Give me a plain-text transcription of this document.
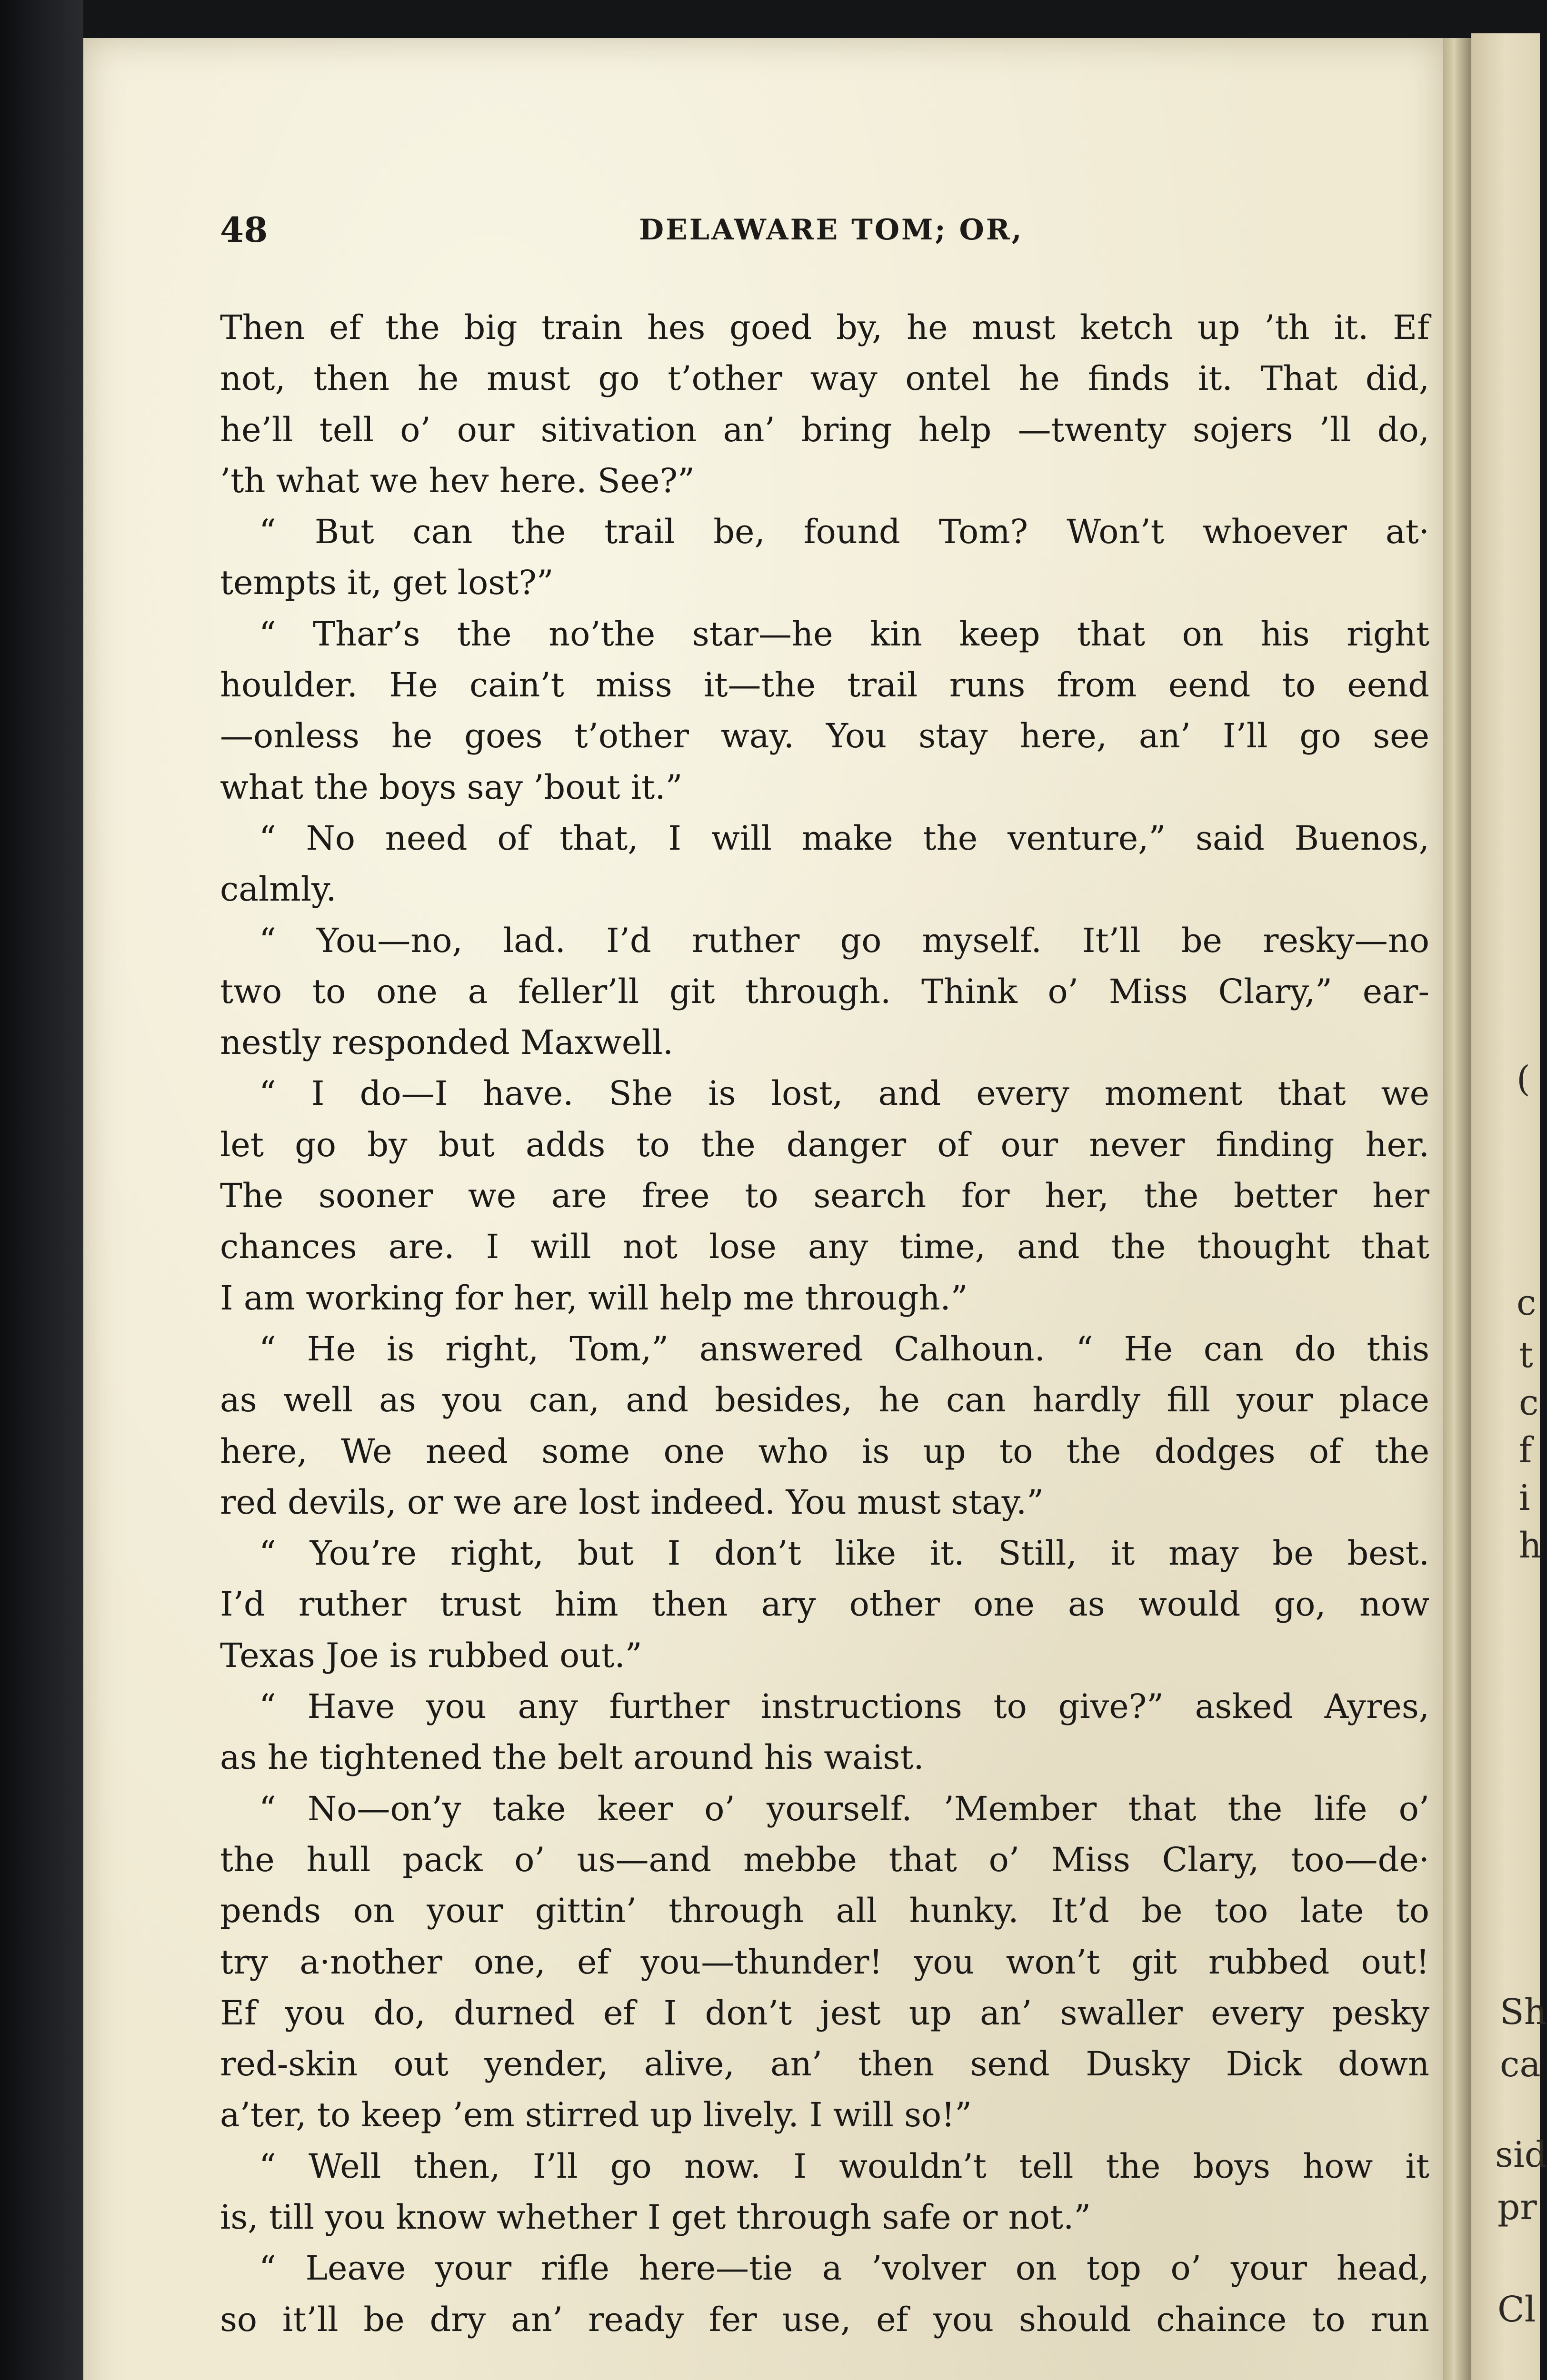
(
c
t
c
f
i
h
Sh
ca
sid
pr
Cl
48	DELAWARE TOM; OR,
Then ef the big train hes goed by, he must ketch up ’th it. Ef
not, then he must go t’other way ontel he finds it. That did,
he’ll tell o’ our sitivation an’ bring help —twenty sojers ’ll do,
’th what we hev here. See?”
“ But can the trail be, found Tom? Won’t whoever at·
tempts it, get lost?”
“ Thar’s the no’the star—he kin keep that on his right
houlder. He cain’t miss it—the trail runs from eend to eend
—onless he goes t’other way. You stay here, an’ I’ll go see
what the boys say ’bout it.”
“ No need of that, I will make the venture,” said Buenos,
calmly.
“ You—no, lad. I’d ruther go myself. It’ll be resky—no
two to one a feller’ll git through. Think o’ Miss Clary,” ear-
nestly responded Maxwell.
“ I do—I have. She is lost, and every moment that we
let go by but adds to the danger of our never finding her.
The sooner we are free to search for her, the better her
chances are. I will not lose any time, and the thought that
I am working for her, will help me through.”
“ He is right, Tom,” answered Calhoun. “ He can do this
as well as you can, and besides, he can hardly fill your place
here, We need some one who is up to the dodges of the
red devils, or we are lost indeed. You must stay.”
“ You’re right, but I don’t like it. Still, it may be best.
I’d ruther trust him then ary other one as would go, now
Texas Joe is rubbed out.”
“ Have you any further instructions to give?” asked Ayres,
as he tightened the belt around his waist.
“ No—on’y take keer o’ yourself. ’Member that the life o’
the hull pack o’ us—and mebbe that o’ Miss Clary, too—de·
pends on your gittin’ through all hunky. It’d be too late to
try a·nother one, ef you—thunder! you won’t git rubbed out!
Ef you do, durned ef I don’t jest up an’ swaller every pesky
red-skin out yender, alive, an’ then send Dusky Dick down
a’ter, to keep ’em stirred up lively. I will so!”
“ Well then, I’ll go now. I wouldn’t tell the boys how it
is, till you know whether I get through safe or not.”
“ Leave your rifle here—tie a ’volver on top o’ your head,
so it’ll be dry an’ ready fer use, ef you should chaince to run
